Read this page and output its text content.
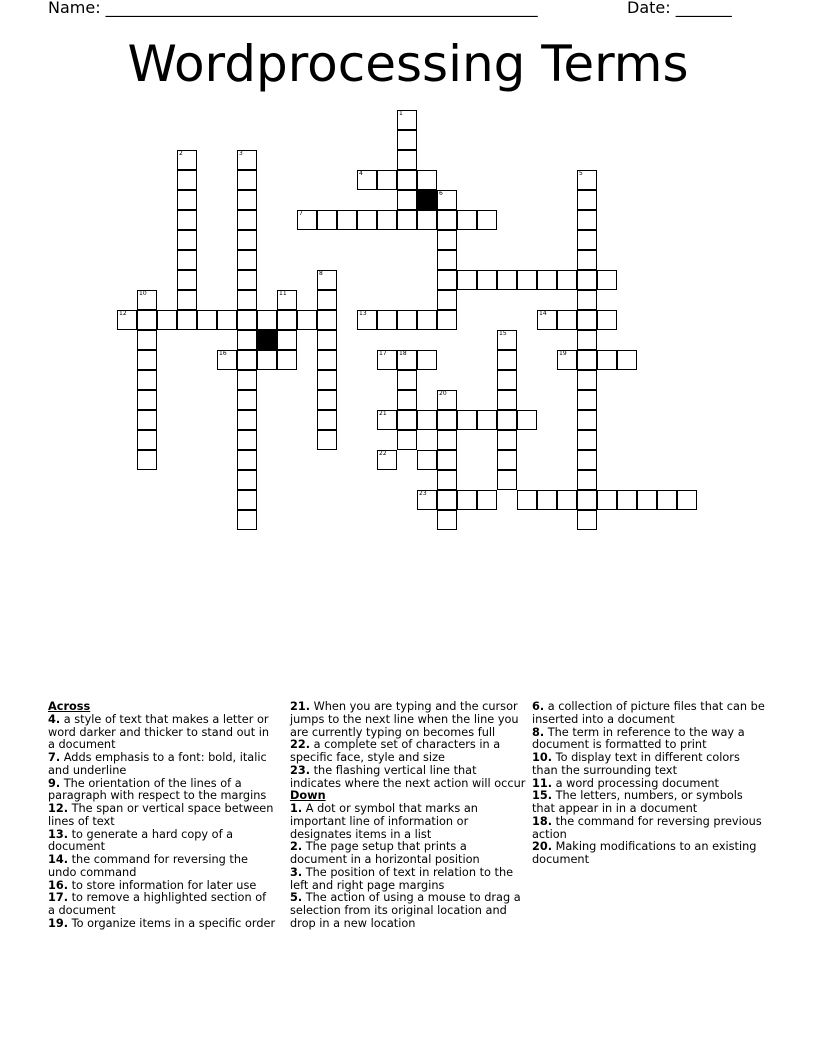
Name: ______________________________________________________	Date: _______
Wordprocessing Terms
1
2	3
4	5
6
7
8
10	11
12	13	14
15
16	17 18	19
20
21
22
23
Across
4. a style of text that makes a letter or word darker and thicker to stand out in a document
7. Adds emphasis to a font: bold, italic and underline
9. The orientation of the lines of a paragraph with respect to the margins
12. The span or vertical space between lines of text
13. to generate a hard copy of a document
14. the command for reversing the undo command
16. to store information for later use
17. to remove a highlighted section of a document
19. To organize items in a specific order
21. When you are typing and the cursor jumps to the next line when the line you are currently typing on becomes full
22. a complete set of characters in a specific face, style and size
23. the flashing vertical line that indicates where the next action will occur
Down
1. A dot or symbol that marks an important line of information or designates items in a list
2. The page setup that prints a document in a horizontal position
3. The position of text in relation to the left and right page margins
5. The action of using a mouse to drag a selection from its original location and drop in a new location
6. a collection of picture files that can be inserted into a document
8. The term in reference to the way a document is formatted to print
10. To display text in different colors than the surrounding text
11. a word processing document
15. The letters, numbers, or symbols that appear in in a document
18. the command for reversing previous action
20. Making modifications to an existing document
